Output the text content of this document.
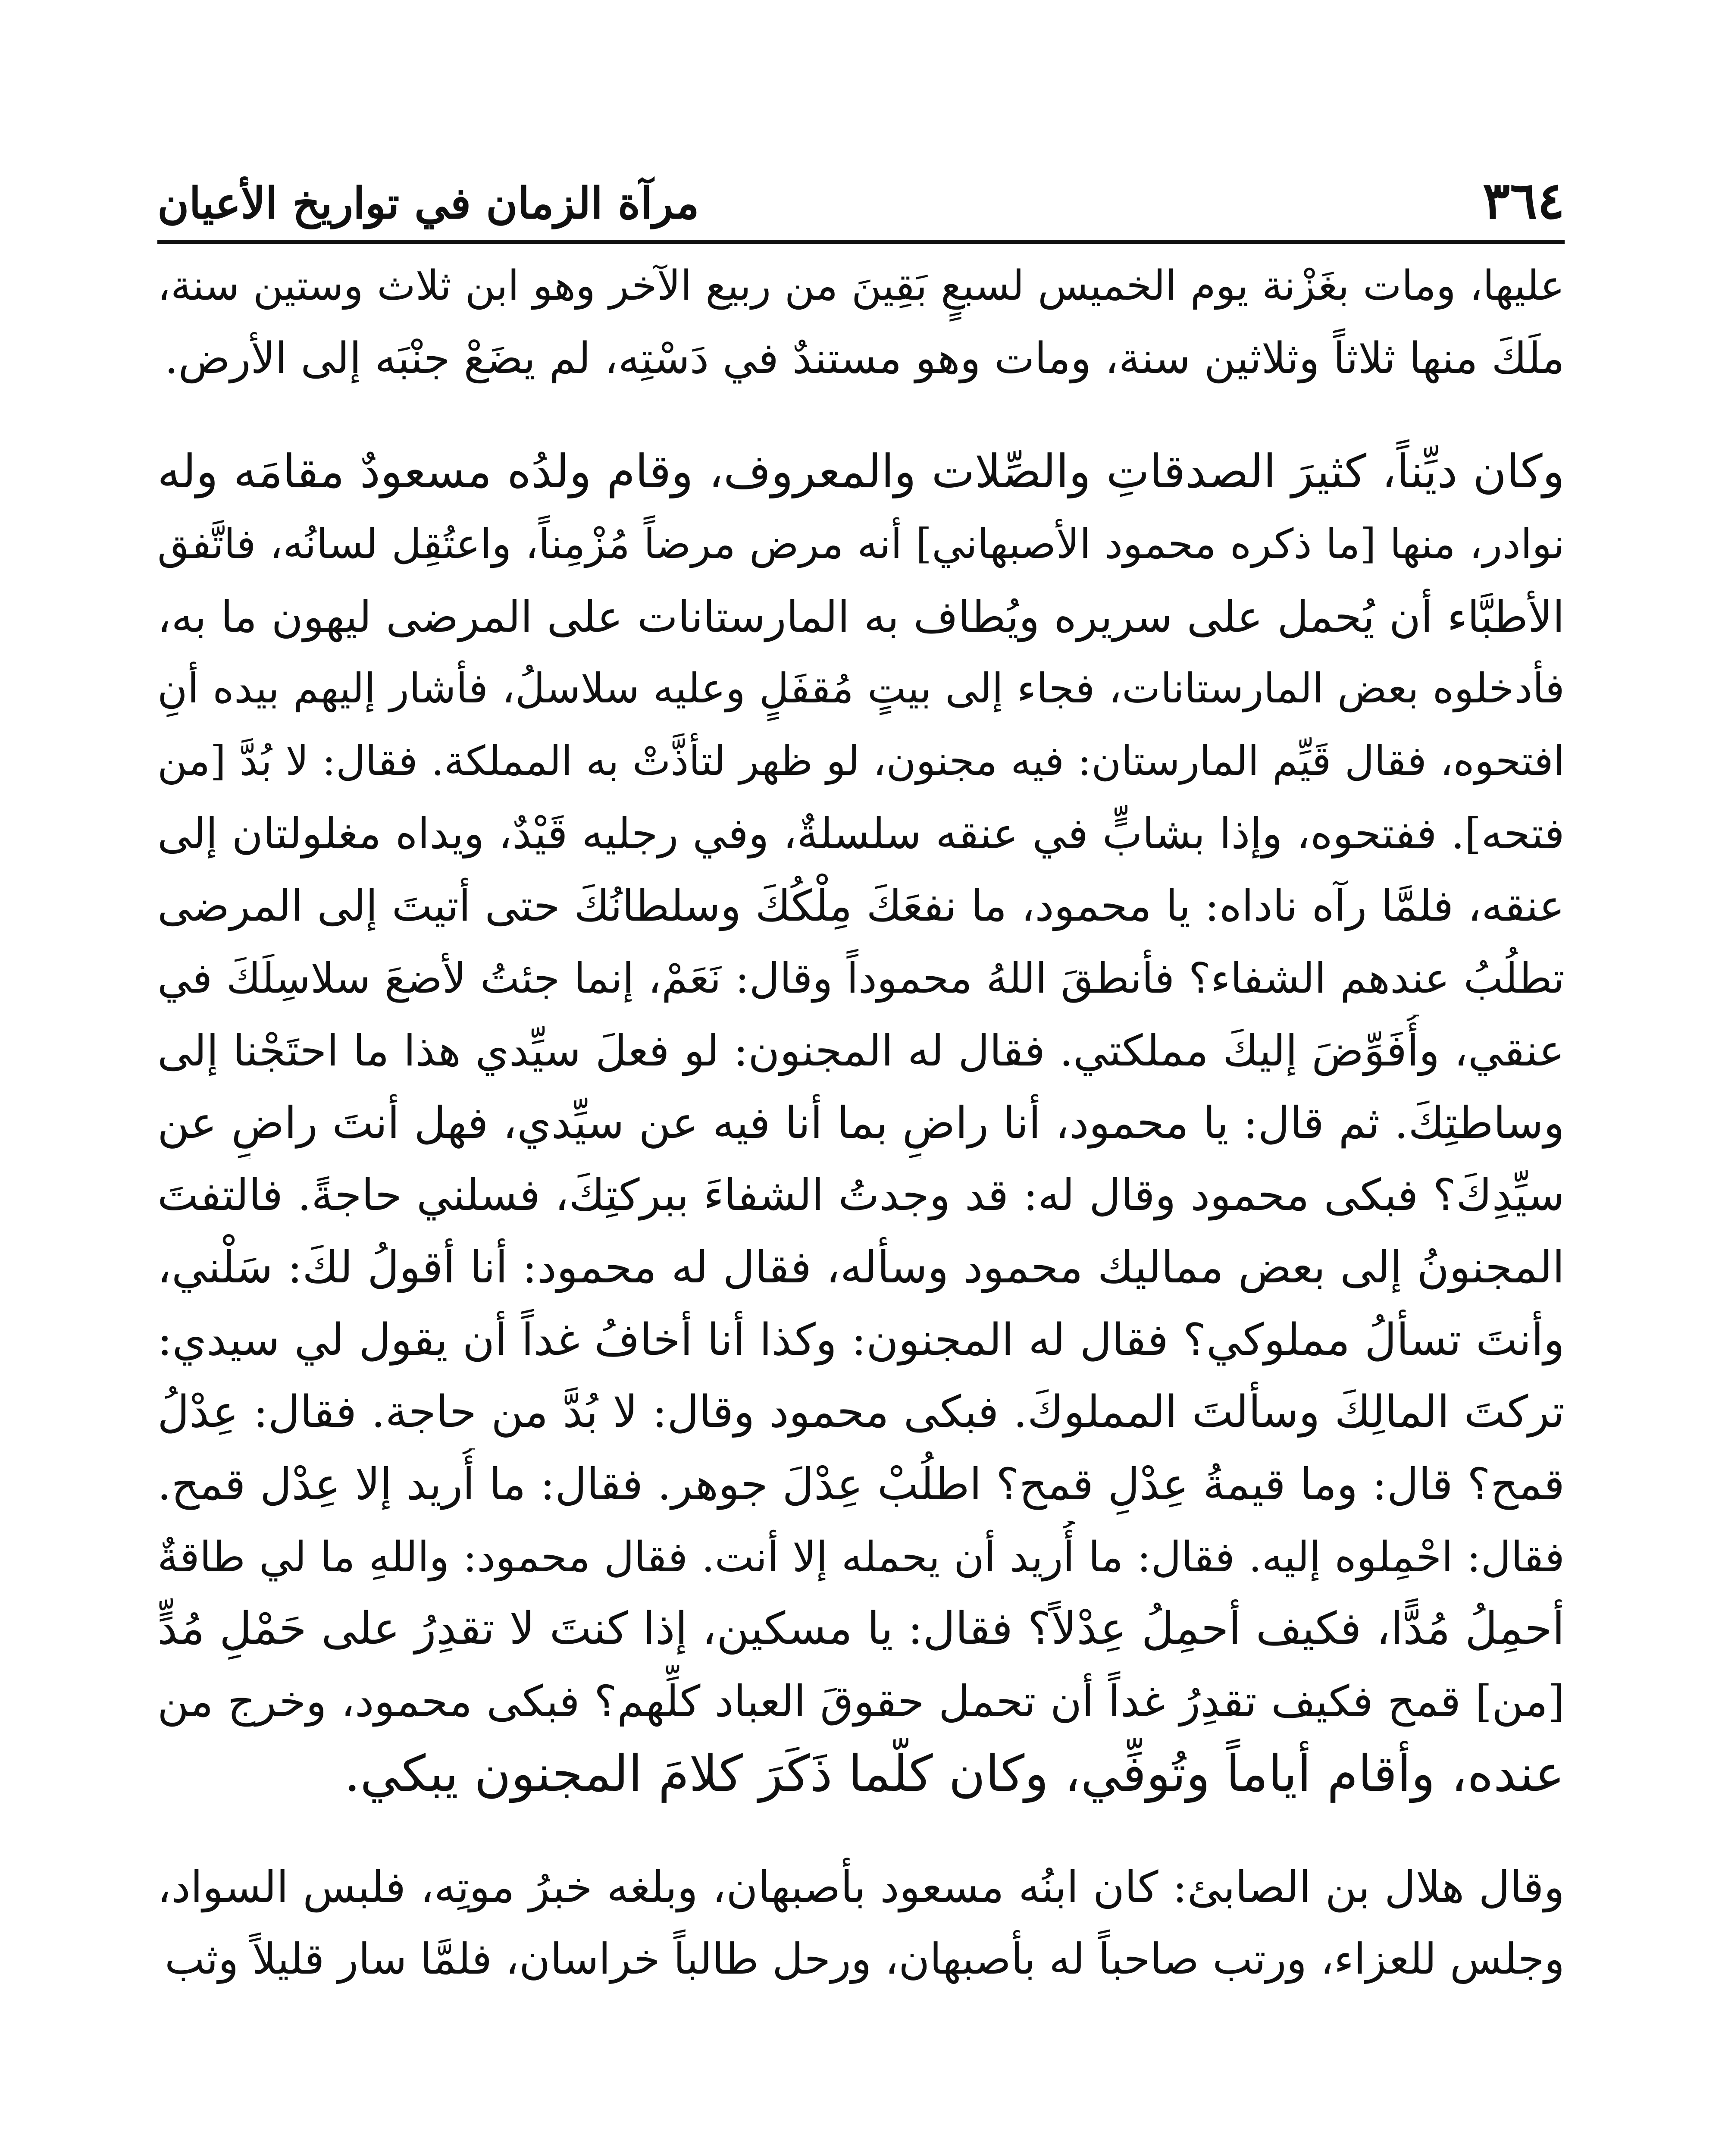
٣٦٤
مرآة الزمان في تواريخ الأعيان
عليها، ومات بغَزْنة يوم الخميس لسبعٍ بَقِينَ من ربيع الآخر وهو ابن ثلاث وستين سنة،
ملَكَ منها ثلاثاً وثلاثين سنة، ومات وهو مستندٌ في دَسْتِه، لم يضَعْ جنْبَه إلى الأرض.
وكان ديِّناً، كثيرَ الصدقاتِ والصِّلات والمعروف، وقام ولدُه مسعودٌ مقامَه وله
نوادر، منها [ما ذكره محمود الأصبهاني] أنه مرض مرضاً مُزْمِناً، واعتُقِل لسانُه، فاتَّفق
الأطبَّاء أن يُحمل على سريره ويُطاف به المارستانات على المرضى ليهون ما به،
فأدخلوه بعض المارستانات، فجاء إلى بيتٍ مُقفَلٍ وعليه سلاسلُ، فأشار إليهم بيده أنِ
افتحوه، فقال قَيِّم المارستان: فيه مجنون، لو ظهر لتأذَّتْ به المملكة. فقال: لا بُدَّ [من
فتحه]. ففتحوه، وإذا بشابٍّ في عنقه سلسلةٌ، وفي رجليه قَيْدٌ، ويداه مغلولتان إلى
عنقه، فلمَّا رآه ناداه: يا محمود، ما نفعَكَ مِلْكُكَ وسلطانُكَ حتى أتيتَ إلى المرضى
تطلُبُ عندهم الشفاء؟ فأنطقَ اللهُ محموداً وقال: نَعَمْ، إنما جئتُ لأضعَ سلاسِلَكَ في
عنقي، وأُفَوِّضَ إليكَ مملكتي. فقال له المجنون: لو فعلَ سيِّدي هذا ما احتَجْنا إلى
وساطتِكَ. ثم قال: يا محمود، أنا راضٍ بما أنا فيه عن سيِّدي، فهل أنتَ راضٍ عن
سيِّدِكَ؟ فبكى محمود وقال له: قد وجدتُ الشفاءَ ببركتِكَ، فسلني حاجةً. فالتفتَ
المجنونُ إلى بعض مماليك محمود وسأله، فقال له محمود: أنا أقولُ لكَ: سَلْني،
وأنتَ تسألُ مملوكي؟ فقال له المجنون: وكذا أنا أخافُ غداً أن يقول لي سيدي:
تركتَ المالِكَ وسألتَ المملوكَ. فبكى محمود وقال: لا بُدَّ من حاجة. فقال: عِدْلُ
قمح؟ قال: وما قيمةُ عِدْلِ قمح؟ اطلُبْ عِدْلَ جوهر. فقال: ما أُريد إلا عِدْل قمح.
فقال: احْمِلوه إليه. فقال: ما أُريد أن يحمله إلا أنت. فقال محمود: واللهِ ما لي طاقةٌ
أحمِلُ مُدًّا، فكيف أحمِلُ عِدْلاً؟ فقال: يا مسكين، إذا كنتَ لا تقدِرُ على حَمْلِ مُدٍّ
[من] قمح فكيف تقدِرُ غداً أن تحمل حقوقَ العباد كلِّهم؟ فبكى محمود، وخرج من
عنده، وأقام أياماً وتُوفِّي، وكان كلَّما ذَكَرَ كلامَ المجنون يبكي.
وقال هلال بن الصابئ: كان ابنُه مسعود بأصبهان، وبلغه خبرُ موتِه، فلبس السواد،
وجلس للعزاء، ورتب صاحباً له بأصبهان، ورحل طالباً خراسان، فلمَّا سار قليلاً وثب
